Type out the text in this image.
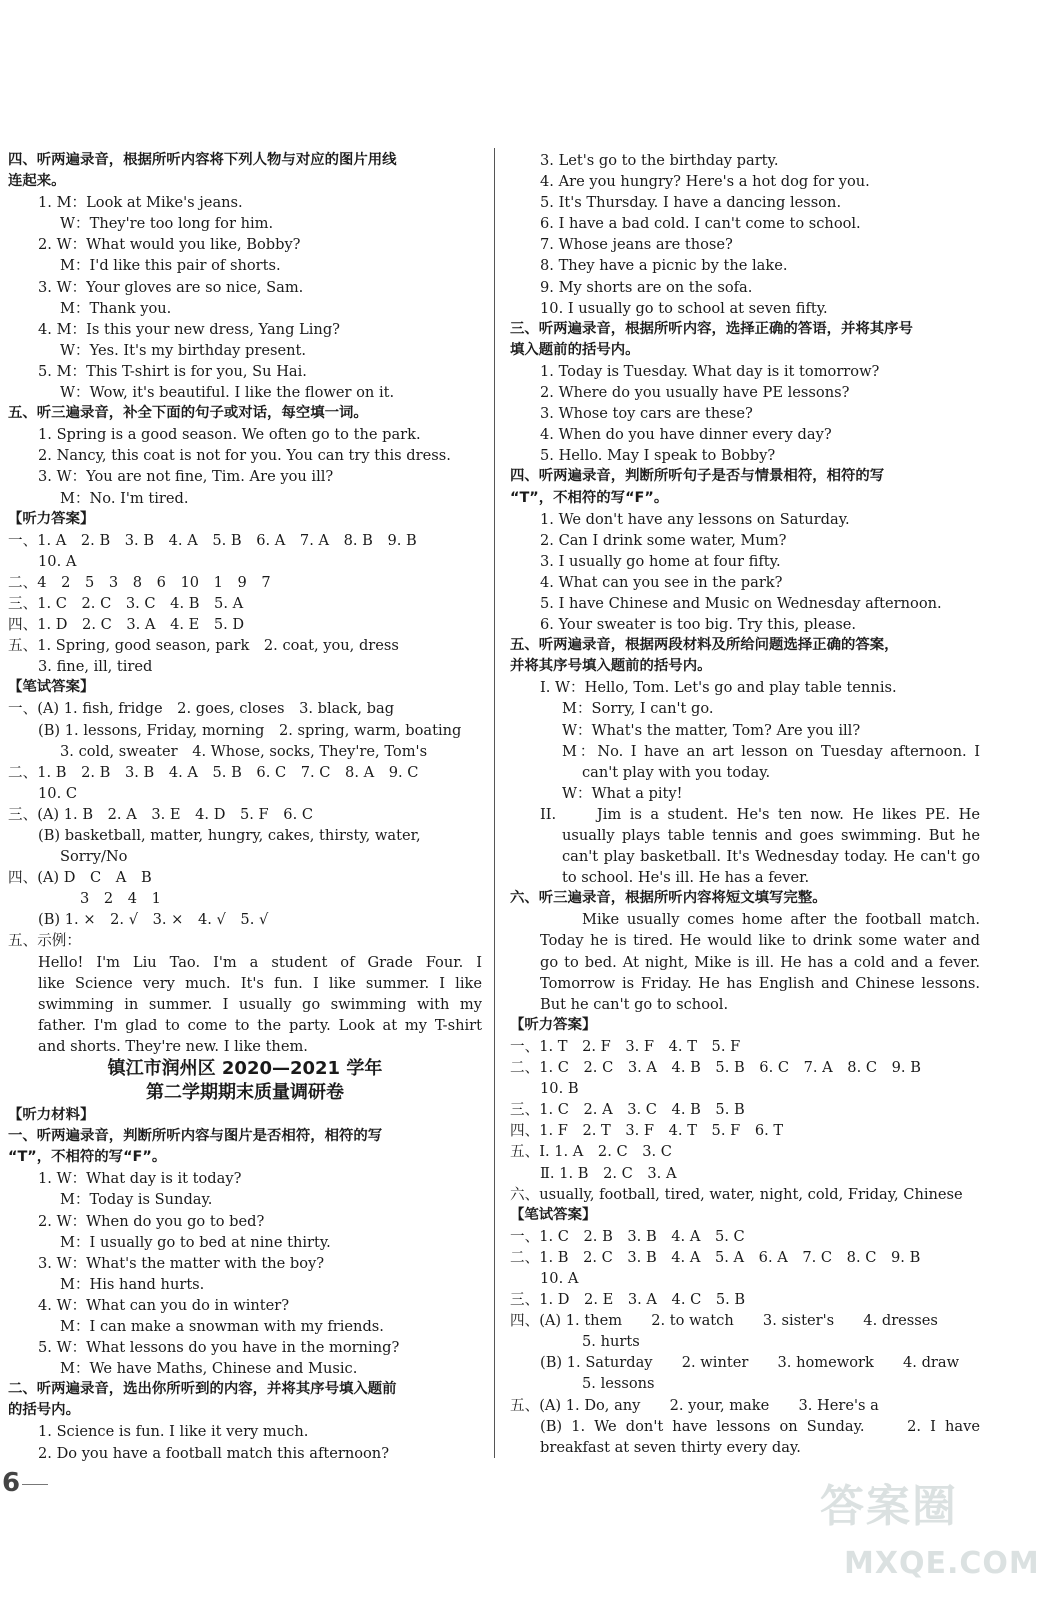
四、听两遍录音，根据所听内容将下列人物与对应的图片用线
连起来。
1. M：Look at Mike's jeans.
W：They're too long for him.
2. W：What would you like, Bobby?
M：I'd like this pair of shorts.
3. W：Your gloves are so nice, Sam.
M：Thank you.
4. M：Is this your new dress, Yang Ling?
W：Yes. It's my birthday present.
5. M：This T-shirt is for you, Su Hai.
W：Wow, it's beautiful. I like the flower on it.
五、听三遍录音，补全下面的句子或对话，每空填一词。
1. Spring is a good season. We often go to the park.
2. Nancy, this coat is not for you. You can try this dress.
3. W：You are not fine, Tim. Are you ill?
M：No. I'm tired.
【听力答案】
一、1. A　2. B　3. B　4. A　5. B　6. A　7. A　8. B　9. B
10. A
二、4　2　5　3　8　6　10　1　9　7
三、1. C　2. C　3. C　4. B　5. A
四、1. D　2. C　3. A　4. E　5. D
五、1. Spring, good season, park　2. coat, you, dress
3. fine, ill, tired
【笔试答案】
一、(A) 1. fish, fridge　2. goes, closes　3. black, bag
(B) 1. lessons, Friday, morning　2. spring, warm, boating
3. cold, sweater　4. Whose, socks, They're, Tom's
二、1. B　2. B　3. B　4. A　5. B　6. C　7. C　8. A　9. C
10. C
三、(A) 1. B　2. A　3. E　4. D　5. F　6. C
(B) basketball, matter, hungry, cakes, thirsty, water,
Sorry/No
四、(A) D　C　A　B
3　2　4　1
(B) 1. ×　2. √　3. ×　4. √　5. √
五、示例：
Hello! I'm Liu Tao. I'm a student of Grade Four. I
like Science very much. It's fun. I like summer. I like
swimming in summer. I usually go swimming with my
father. I'm glad to come to the party. Look at my T-shirt
and shorts. They're new. I like them.
镇江市润州区 2020—2021 学年
第二学期期末质量调研卷
【听力材料】
一、听两遍录音，判断所听内容与图片是否相符，相符的写
“T”，不相符的写“F”。
1. W：What day is it today?
M：Today is Sunday.
2. W：When do you go to bed?
M：I usually go to bed at nine thirty.
3. W：What's the matter with the boy?
M：His hand hurts.
4. W：What can you do in winter?
M：I can make a snowman with my friends.
5. W：What lessons do you have in the morning?
M：We have Maths, Chinese and Music.
二、听两遍录音，选出你所听到的内容，并将其序号填入题前
的括号内。
1. Science is fun. I like it very much.
2. Do you have a football match this afternoon?
3. Let's go to the birthday party.
4. Are you hungry? Here's a hot dog for you.
5. It's Thursday. I have a dancing lesson.
6. I have a bad cold. I can't come to school.
7. Whose jeans are those?
8. They have a picnic by the lake.
9. My shorts are on the sofa.
10. I usually go to school at seven fifty.
三、听两遍录音，根据所听内容，选择正确的答语，并将其序号
填入题前的括号内。
1. Today is Tuesday. What day is it tomorrow?
2. Where do you usually have PE lessons?
3. Whose toy cars are these?
4. When do you have dinner every day?
5. Hello. May I speak to Bobby?
四、听两遍录音，判断所听句子是否与情景相符，相符的写
“T”，不相符的写“F”。
1. We don't have any lessons on Saturday.
2. Can I drink some water, Mum?
3. I usually go home at four fifty.
4. What can you see in the park?
5. I have Chinese and Music on Wednesday afternoon.
6. Your sweater is too big. Try this, please.
五、听两遍录音，根据两段材料及所给问题选择正确的答案，
并将其序号填入题前的括号内。
I. W：Hello, Tom. Let's go and play table tennis.
M：Sorry, I can't go.
W：What's the matter, Tom? Are you ill?
M：No. I have an art lesson on Tuesday afternoon. I
can't play with you today.
W：What a pity!
II.　　Jim is a student. He's ten now. He likes PE. He
usually plays table tennis and goes swimming. But he
can't play basketball. It's Wednesday today. He can't go
to school. He's ill. He has a fever.
六、听三遍录音，根据所听内容将短文填写完整。
Mike usually comes home after the football match.
Today he is tired. He would like to drink some water and
go to bed. At night, Mike is ill. He has a cold and a fever.
Tomorrow is Friday. He has English and Chinese lessons.
But he can't go to school.
【听力答案】
一、1. T　2. F　3. F　4. T　5. F
二、1. C　2. C　3. A　4. B　5. B　6. C　7. A　8. C　9. B
10. B
三、1. C　2. A　3. C　4. B　5. B
四、1. F　2. T　3. F　4. T　5. F　6. T
五、Ⅰ. 1. A　2. C　3. C
Ⅱ. 1. B　2. C　3. A
六、usually, football, tired, water, night, cold, Friday, Chinese
【笔试答案】
一、1. C　2. B　3. B　4. A　5. C
二、1. B　2. C　3. B　4. A　5. A　6. A　7. C　8. C　9. B
10. A
三、1. D　2. E　3. A　4. C　5. B
四、(A) 1. them　　2. to watch　　3. sister's　　4. dresses
5. hurts
(B) 1. Saturday　　2. winter　　3. homework　　4. draw
5. lessons
五、(A) 1. Do, any　　2. your, make　　3. Here's a
(B) 1. We don't have lessons on Sunday.　　2. I have
breakfast at seven thirty every day.
6	答案圈
MXQE.COM
